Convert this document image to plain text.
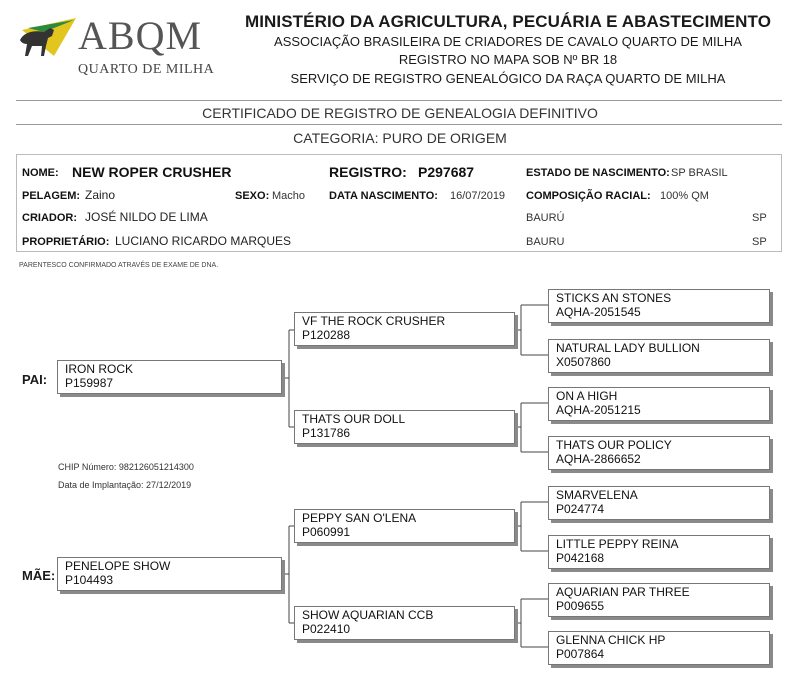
ABQM
QUARTO DE MILHA
MINISTÉRIO DA AGRICULTURA, PECUÁRIA E ABASTECIMENTO
ASSOCIAÇÃO BRASILEIRA DE CRIADORES DE CAVALO QUARTO DE MILHA
REGISTRO NO MAPA SOB Nº BR 18
SERVIÇO DE REGISTRO GENEALÓGICO DA RAÇA QUARTO DE MILHA
CERTIFICADO DE REGISTRO DE GENEALOGIA DEFINITIVO
CATEGORIA: PURO DE ORIGEM
NOME: NEW ROPER CRUSHER	REGISTRO: P297687	ESTADO DE NASCIMENTO: SP BRASIL
PELAGEM: Zaino	SEXO: Macho DATA NASCIMENTO: 16/07/2019 COMPOSIÇÃO RACIAL: 100% QM
CRIADOR: JOSÉ NILDO DE LIMA	BAURÚ	SP
PROPRIETÁRIO: LUCIANO RICARDO MARQUES	BAURU	SP
PARENTESCO CONFIRMADO ATRAVÉS DE EXAME DE DNA.
PAI:
MÃE:
IRON ROCK
P159987
PENELOPE SHOW
P104493
VF THE ROCK CRUSHER
P120288
THATS OUR DOLL
P131786
PEPPY SAN O'LENA
P060991
SHOW AQUARIAN CCB
P022410
STICKS AN STONES
AQHA-2051545
NATURAL LADY BULLION
X0507860
ON A HIGH
AQHA-2051215
THATS OUR POLICY
AQHA-2866652
SMARVELENA
P024774
LITTLE PEPPY REINA
P042168
AQUARIAN PAR THREE
P009655
GLENNA CHICK HP
P007864
CHIP Número: 982126051214300
Data de Implantação: 27/12/2019
